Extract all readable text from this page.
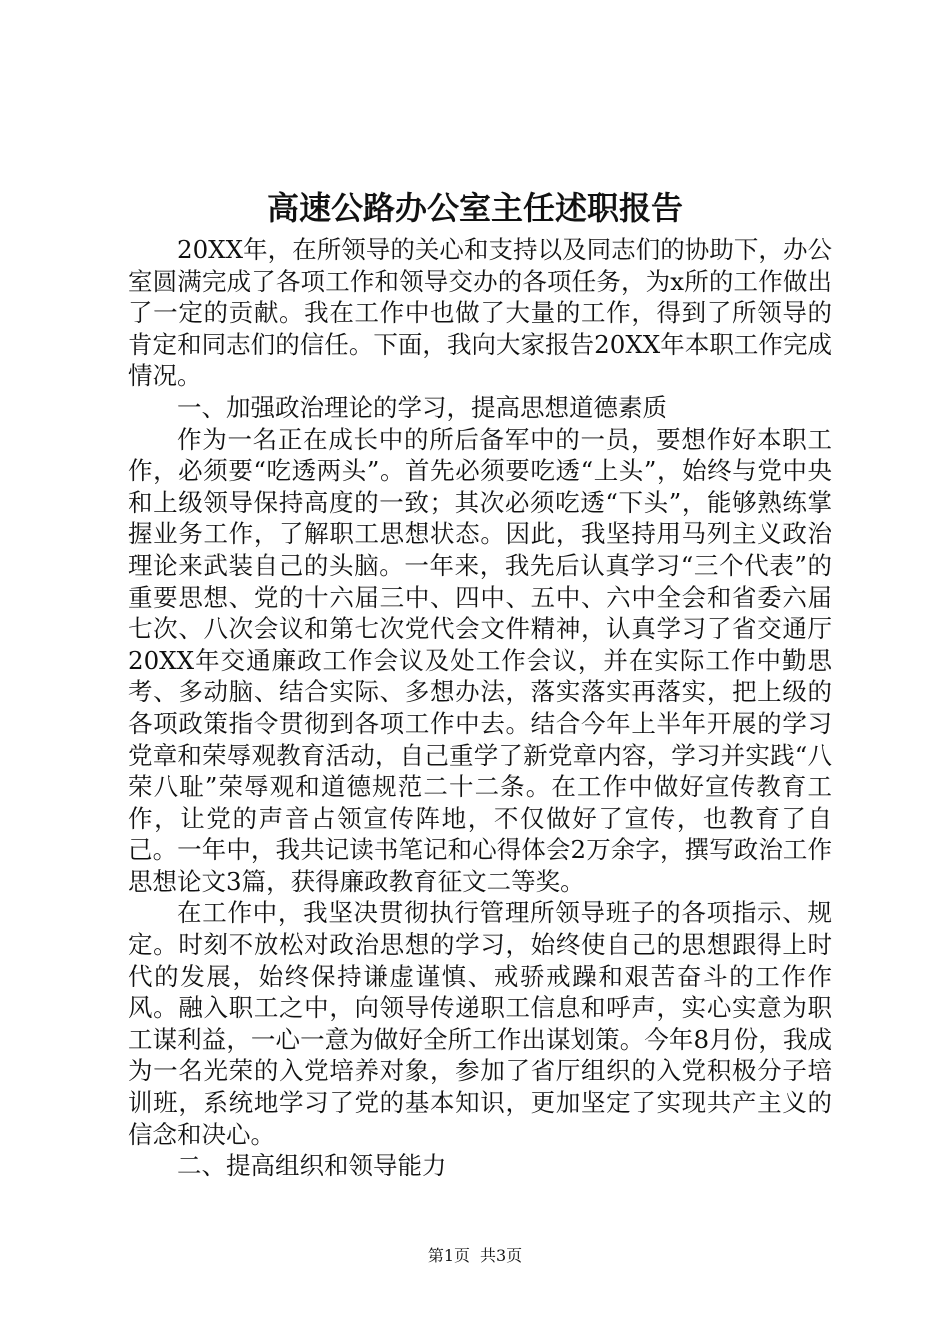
高速公路办公室主任述职报告

20XX年，在所领导的关心和支持以及同志们的协助下，办公室圆满完成了各项工作和领导交办的各项任务，为x所的工作做出了一定的贡献。我在工作中也做了大量的工作，得到了所领导的肯定和同志们的信任。下面，我向大家报告20XX年本职工作完成情况。

一、加强政治理论的学习，提高思想道德素质

作为一名正在成长中的所后备军中的一员，要想作好本职工作，必须要“吃透两头”。首先必须要吃透“上头”，始终与党中央和上级领导保持高度的一致；其次必须吃透“下头”，能够熟练掌握业务工作，了解职工思想状态。因此，我坚持用马列主义政治理论来武装自己的头脑。一年来，我先后认真学习“三个代表”的重要思想、党的十六届三中、四中、五中、六中全会和省委六届七次、八次会议和第七次党代会文件精神，认真学习了省交通厅20XX年交通廉政工作会议及处工作会议，并在实际工作中勤思考、多动脑、结合实际、多想办法，落实落实再落实，把上级的各项政策指令贯彻到各项工作中去。结合今年上半年开展的学习党章和荣辱观教育活动，自己重学了新党章内容，学习并实践“八荣八耻”荣辱观和道德规范二十二条。在工作中做好宣传教育工作，让党的声音占领宣传阵地，不仅做好了宣传，也教育了自己。一年中，我共记读书笔记和心得体会2万余字，撰写政治工作思想论文3篇，获得廉政教育征文二等奖。

在工作中，我坚决贯彻执行管理所领导班子的各项指示、规定。时刻不放松对政治思想的学习，始终使自己的思想跟得上时代的发展，始终保持谦虚谨慎、戒骄戒躁和艰苦奋斗的工作作风。融入职工之中，向领导传递职工信息和呼声，实心实意为职工谋利益，一心一意为做好全所工作出谋划策。今年8月份，我成为一名光荣的入党培养对象，参加了省厅组织的入党积极分子培训班，系统地学习了党的基本知识，更加坚定了实现共产主义的信念和决心。

二、提高组织和领导能力

第1页 共3页
